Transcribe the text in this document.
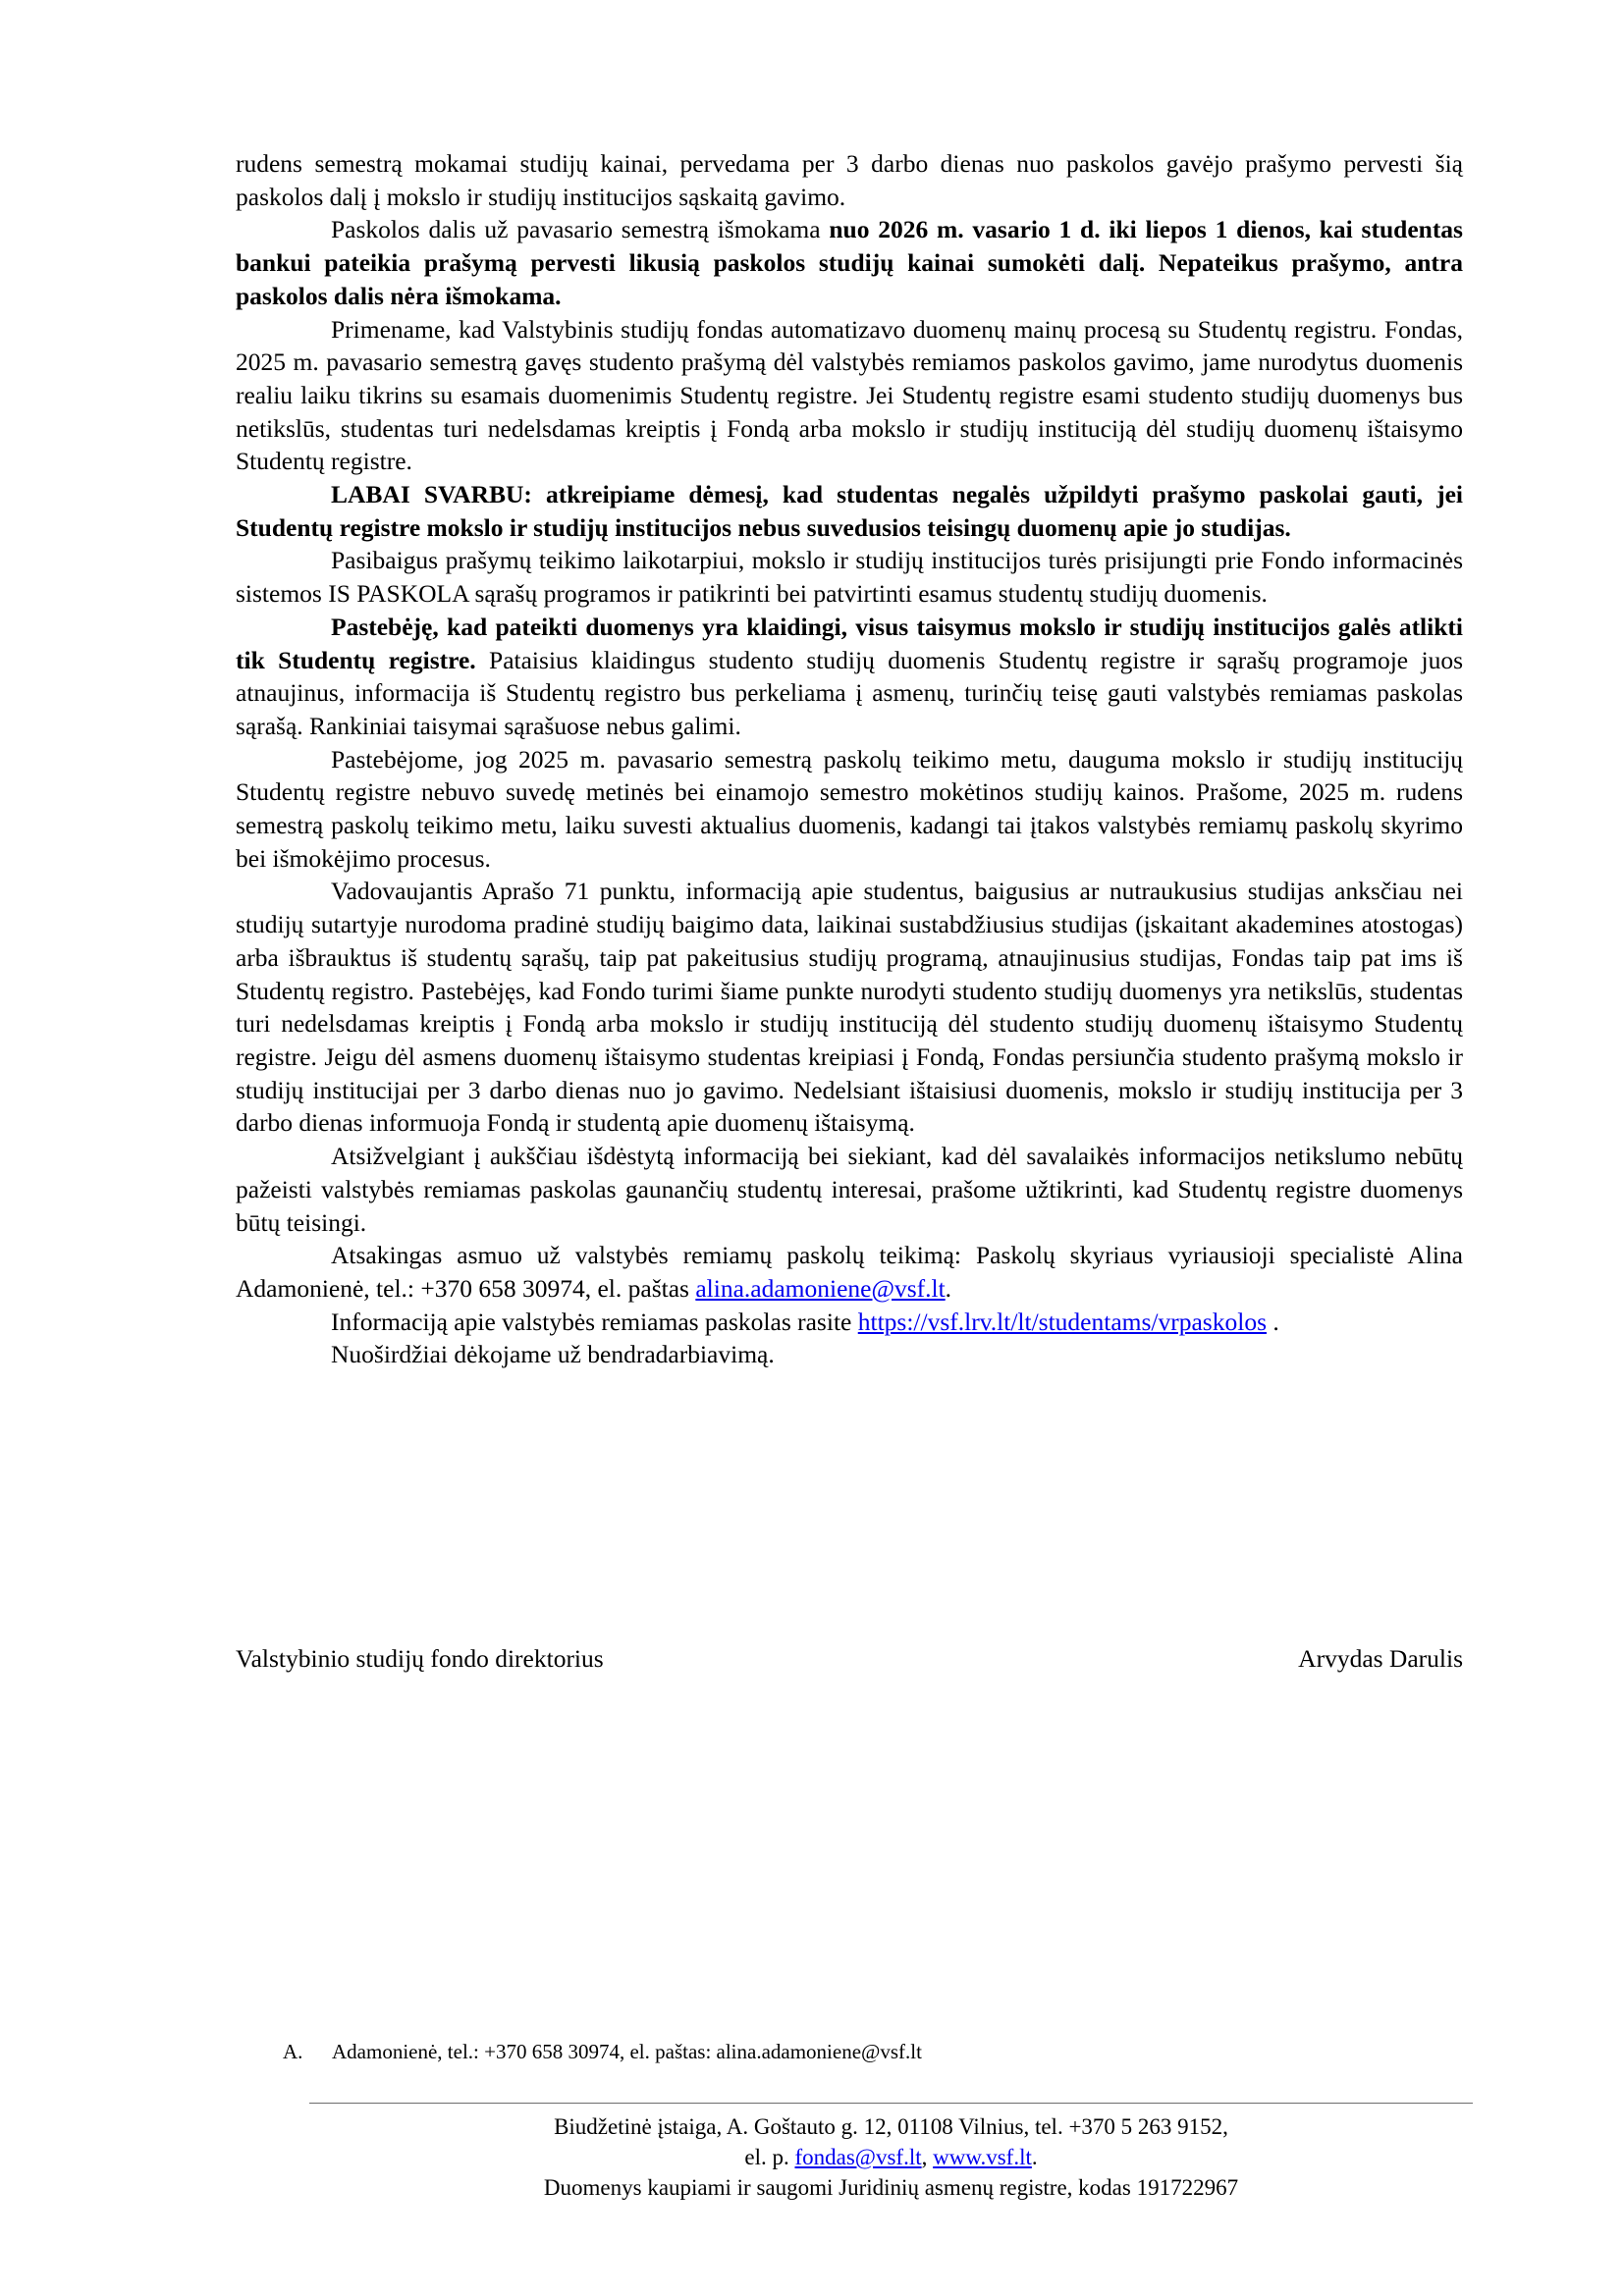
rudens semestrą mokamai studijų kainai, pervedama per 3 darbo dienas nuo paskolos gavėjo prašymo pervesti šią paskolos dalį į mokslo ir studijų institucijos sąskaitą gavimo.

Paskolos dalis už pavasario semestrą išmokama nuo 2026 m. vasario 1 d. iki liepos 1 dienos, kai studentas bankui pateikia prašymą pervesti likusią paskolos studijų kainai sumokėti dalį. Nepateikus prašymo, antra paskolos dalis nėra išmokama.

Primename, kad Valstybinis studijų fondas automatizavo duomenų mainų procesą su Studentų registru. Fondas, 2025 m. pavasario semestrą gavęs studento prašymą dėl valstybės remiamos paskolos gavimo, jame nurodytus duomenis realiu laiku tikrins su esamais duomenimis Studentų registre. Jei Studentų registre esami studento studijų duomenys bus netikslūs, studentas turi nedelsdamas kreiptis į Fondą arba mokslo ir studijų instituciją dėl studijų duomenų ištaisymo Studentų registre.

LABAI SVARBU: atkreipiame dėmesį, kad studentas negalės užpildyti prašymo paskolai gauti, jei Studentų registre mokslo ir studijų institucijos nebus suvedusios teisingų duomenų apie jo studijas.

Pasibaigus prašymų teikimo laikotarpiui, mokslo ir studijų institucijos turės prisijungti prie Fondo informacinės sistemos IS PASKOLA sąrašų programos ir patikrinti bei patvirtinti esamus studentų studijų duomenis.

Pastebėję, kad pateikti duomenys yra klaidingi, visus taisymus mokslo ir studijų institucijos galės atlikti tik Studentų registre. Pataisius klaidingus studento studijų duomenis Studentų registre ir sąrašų programoje juos atnaujinus, informacija iš Studentų registro bus perkeliama į asmenų, turinčių teisę gauti valstybės remiamas paskolas sąrašą. Rankiniai taisymai sąrašuose nebus galimi.

Pastebėjome, jog 2025 m. pavasario semestrą paskolų teikimo metu, dauguma mokslo ir studijų institucijų Studentų registre nebuvo suvedę metinės bei einamojo semestro mokėtinos studijų kainos. Prašome, 2025 m. rudens semestrą paskolų teikimo metu, laiku suvesti aktualius duomenis, kadangi tai įtakos valstybės remiamų paskolų skyrimo bei išmokėjimo procesus.

Vadovaujantis Aprašo 71 punktu, informaciją apie studentus, baigusius ar nutraukusius studijas anksčiau nei studijų sutartyje nurodoma pradinė studijų baigimo data, laikinai sustabdžiusius studijas (įskaitant akademines atostogas) arba išbrauktus iš studentų sąrašų, taip pat pakeitusius studijų programą, atnaujinusius studijas, Fondas taip pat ims iš Studentų registro. Pastebėjęs, kad Fondo turimi šiame punkte nurodyti studento studijų duomenys yra netikslūs, studentas turi nedelsdamas kreiptis į Fondą arba mokslo ir studijų instituciją dėl studento studijų duomenų ištaisymo Studentų registre. Jeigu dėl asmens duomenų ištaisymo studentas kreipiasi į Fondą, Fondas persiunčia studento prašymą mokslo ir studijų institucijai per 3 darbo dienas nuo jo gavimo. Nedelsiant ištaisiusi duomenis, mokslo ir studijų institucija per 3 darbo dienas informuoja Fondą ir studentą apie duomenų ištaisymą.

Atsižvelgiant į aukščiau išdėstytą informaciją bei siekiant, kad dėl savalaikės informacijos netikslumo nebūtų pažeisti valstybės remiamas paskolas gaunančių studentų interesai, prašome užtikrinti, kad Studentų registre duomenys būtų teisingi.

Atsakingas asmuo už valstybės remiamų paskolų teikimą: Paskolų skyriaus vyriausioji specialistė Alina Adamonienė, tel.: +370 658 30974, el. paštas alina.adamoniene@vsf.lt.

Informaciją apie valstybės remiamas paskolas rasite https://vsf.lrv.lt/lt/studentams/vrpaskolos .

Nuoširdžiai dėkojame už bendradarbiavimą.

Valstybinio studijų fondo direktorius	Arvydas Darulis
A. Adamonienė, tel.: +370 658 30974, el. paštas: alina.adamoniene@vsf.lt
Biudžetinė įstaiga, A. Goštauto g. 12, 01108 Vilnius, tel. +370 5 263 9152,
el. p. fondas@vsf.lt, www.vsf.lt.
Duomenys kaupiami ir saugomi Juridinių asmenų registre, kodas 191722967
